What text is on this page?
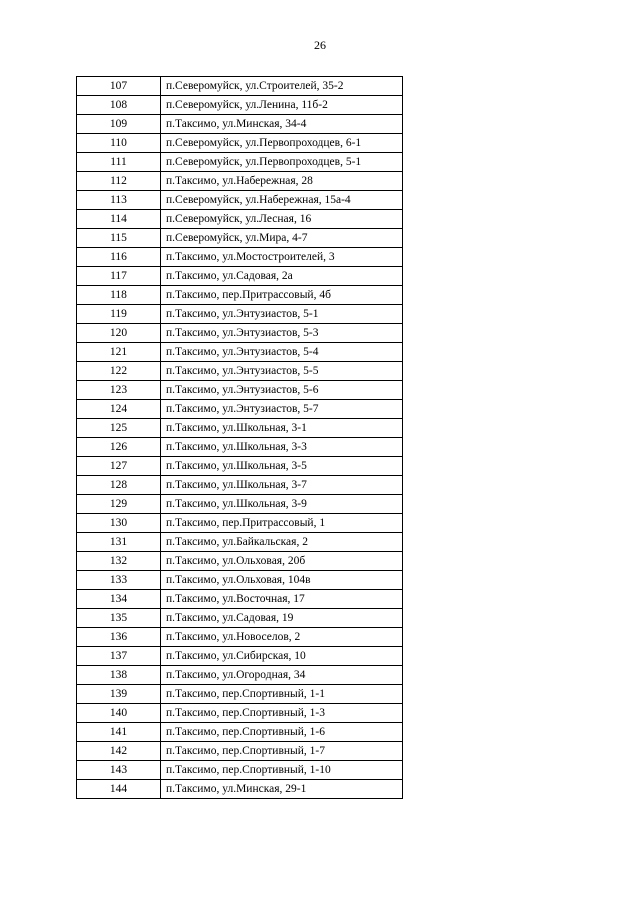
26
107	п.Северомуйск, ул.Строителей, 35-2
108	п.Северомуйск, ул.Ленина, 11б-2
109	п.Таксимо, ул.Минская, 34-4
110	п.Северомуйск, ул.Первопроходцев, 6-1
111	п.Северомуйск, ул.Первопроходцев, 5-1
112	п.Таксимо, ул.Набережная, 28
113	п.Северомуйск, ул.Набережная, 15а-4
114	п.Северомуйск, ул.Лесная, 16
115	п.Северомуйск, ул.Мира, 4-7
116	п.Таксимо, ул.Мостостроителей, 3
117	п.Таксимо, ул.Садовая, 2а
118	п.Таксимо, пер.Притрассовый, 4б
119	п.Таксимо, ул.Энтузиастов, 5-1
120	п.Таксимо, ул.Энтузиастов, 5-3
121	п.Таксимо, ул.Энтузиастов, 5-4
122	п.Таксимо, ул.Энтузиастов, 5-5
123	п.Таксимо, ул.Энтузиастов, 5-6
124	п.Таксимо, ул.Энтузиастов, 5-7
125	п.Таксимо, ул.Школьная, 3-1
126	п.Таксимо, ул.Школьная, 3-3
127	п.Таксимо, ул.Школьная, 3-5
128	п.Таксимо, ул.Школьная, 3-7
129	п.Таксимо, ул.Школьная, 3-9
130	п.Таксимо, пер.Притрассовый, 1
131	п.Таксимо, ул.Байкальская, 2
132	п.Таксимо, ул.Ольховая, 20б
133	п.Таксимо, ул.Ольховая, 104в
134	п.Таксимо, ул.Восточная, 17
135	п.Таксимо, ул.Садовая, 19
136	п.Таксимо, ул.Новоселов, 2
137	п.Таксимо, ул.Сибирская, 10
138	п.Таксимо, ул.Огородная, 34
139	п.Таксимо, пер.Спортивный, 1-1
140	п.Таксимо, пер.Спортивный, 1-3
141	п.Таксимо, пер.Спортивный, 1-6
142	п.Таксимо, пер.Спортивный, 1-7
143	п.Таксимо, пер.Спортивный, 1-10
144	п.Таксимо, ул.Минская, 29-1
